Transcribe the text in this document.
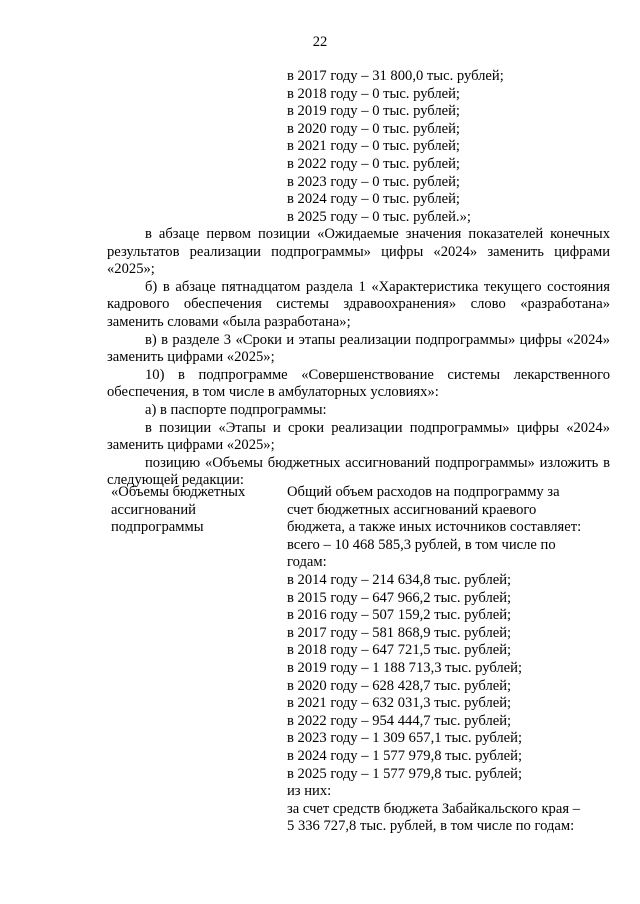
22
в 2017 году – 31 800,0 тыс. рублей;
в 2018 году – 0 тыс. рублей;
в 2019 году – 0 тыс. рублей;
в 2020 году – 0 тыс. рублей;
в 2021 году – 0 тыс. рублей;
в 2022 году – 0 тыс. рублей;
в 2023 году – 0 тыс. рублей;
в 2024 году – 0 тыс. рублей;
в 2025 году – 0 тыс. рублей.»;

в абзаце первом позиции «Ожидаемые значения показателей конечных результатов реализации подпрограммы» цифры «2024» заменить цифрами «2025»;

б) в абзаце пятнадцатом раздела 1 «Характеристика текущего состояния кадрового обеспечения системы здравоохранения» слово «разработана» заменить словами «была разработана»;

в) в разделе 3 «Сроки и этапы реализации подпрограммы» цифры «2024» заменить цифрами «2025»;

10) в подпрограмме «Совершенствование системы лекарственного обеспечения, в том числе в амбулаторных условиях»:

а) в паспорте подпрограммы:

в позиции «Этапы и сроки реализации подпрограммы» цифры «2024» заменить цифрами «2025»;

позицию «Объемы бюджетных ассигнований подпрограммы» изложить в следующей редакции:

«Объемы бюджетных
ассигнований
подпрограммы
Общий объем расходов на подпрограмму за
счет бюджетных ассигнований краевого
бюджета, а также иных источников составляет:
всего – 10 468 585,3 рублей, в том числе по
годам:
в 2014 году – 214 634,8 тыс. рублей;
в 2015 году – 647 966,2 тыс. рублей;
в 2016 году – 507 159,2 тыс. рублей;
в 2017 году – 581 868,9 тыс. рублей;
в 2018 году – 647 721,5 тыс. рублей;
в 2019 году – 1 188 713,3 тыс. рублей;
в 2020 году – 628 428,7 тыс. рублей;
в 2021 году – 632 031,3 тыс. рублей;
в 2022 году – 954 444,7 тыс. рублей;
в 2023 году – 1 309 657,1 тыс. рублей;
в 2024 году – 1 577 979,8 тыс. рублей;
в 2025 году – 1 577 979,8 тыс. рублей;
из них:
за счет средств бюджета Забайкальского края –
5 336 727,8 тыс. рублей, в том числе по годам:
